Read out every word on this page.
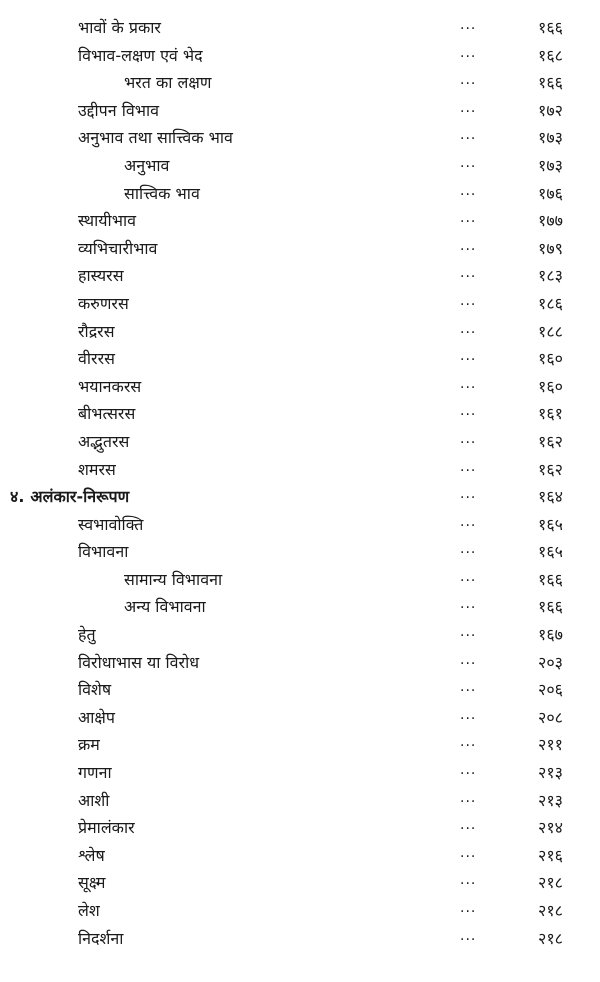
भावों के प्रकार	...	१६६
विभाव-लक्षण एवं भेद	...	१६८
भरत का लक्षण	...	१६६
उद्दीपन विभाव	...	१७२
अनुभाव तथा सात्त्विक भाव	...	१७३
अनुभाव	...	१७३
सात्त्विक भाव	...	१७६
स्थायीभाव	...	१७७
व्यभिचारीभाव	...	१७९
हास्यरस	...	१८३
करुणरस	...	१८६
रौद्ररस	...	१८८
वीररस	...	१६०
भयानकरस	...	१६०
बीभत्सरस	...	१६१
अद्भुतरस	...	१६२
शमरस	...	१६२
४. अलंकार-निरूपण	...	१६४
स्वभावोक्ति	...	१६५
विभावना	...	१६५
सामान्य विभावना	...	१६६
अन्य विभावना	...	१६६
हेतु	...	१६७
विरोधाभास या विरोध	...	२०३
विशेष	...	२०६
आक्षेप	...	२०८
क्रम	...	२११
गणना	...	२१३
आशी	...	२१३
प्रेमालंकार	...	२१४
श्लेष	...	२१६
सूक्ष्म	...	२१८
लेश	...	२१८
निदर्शना	...	२१८
